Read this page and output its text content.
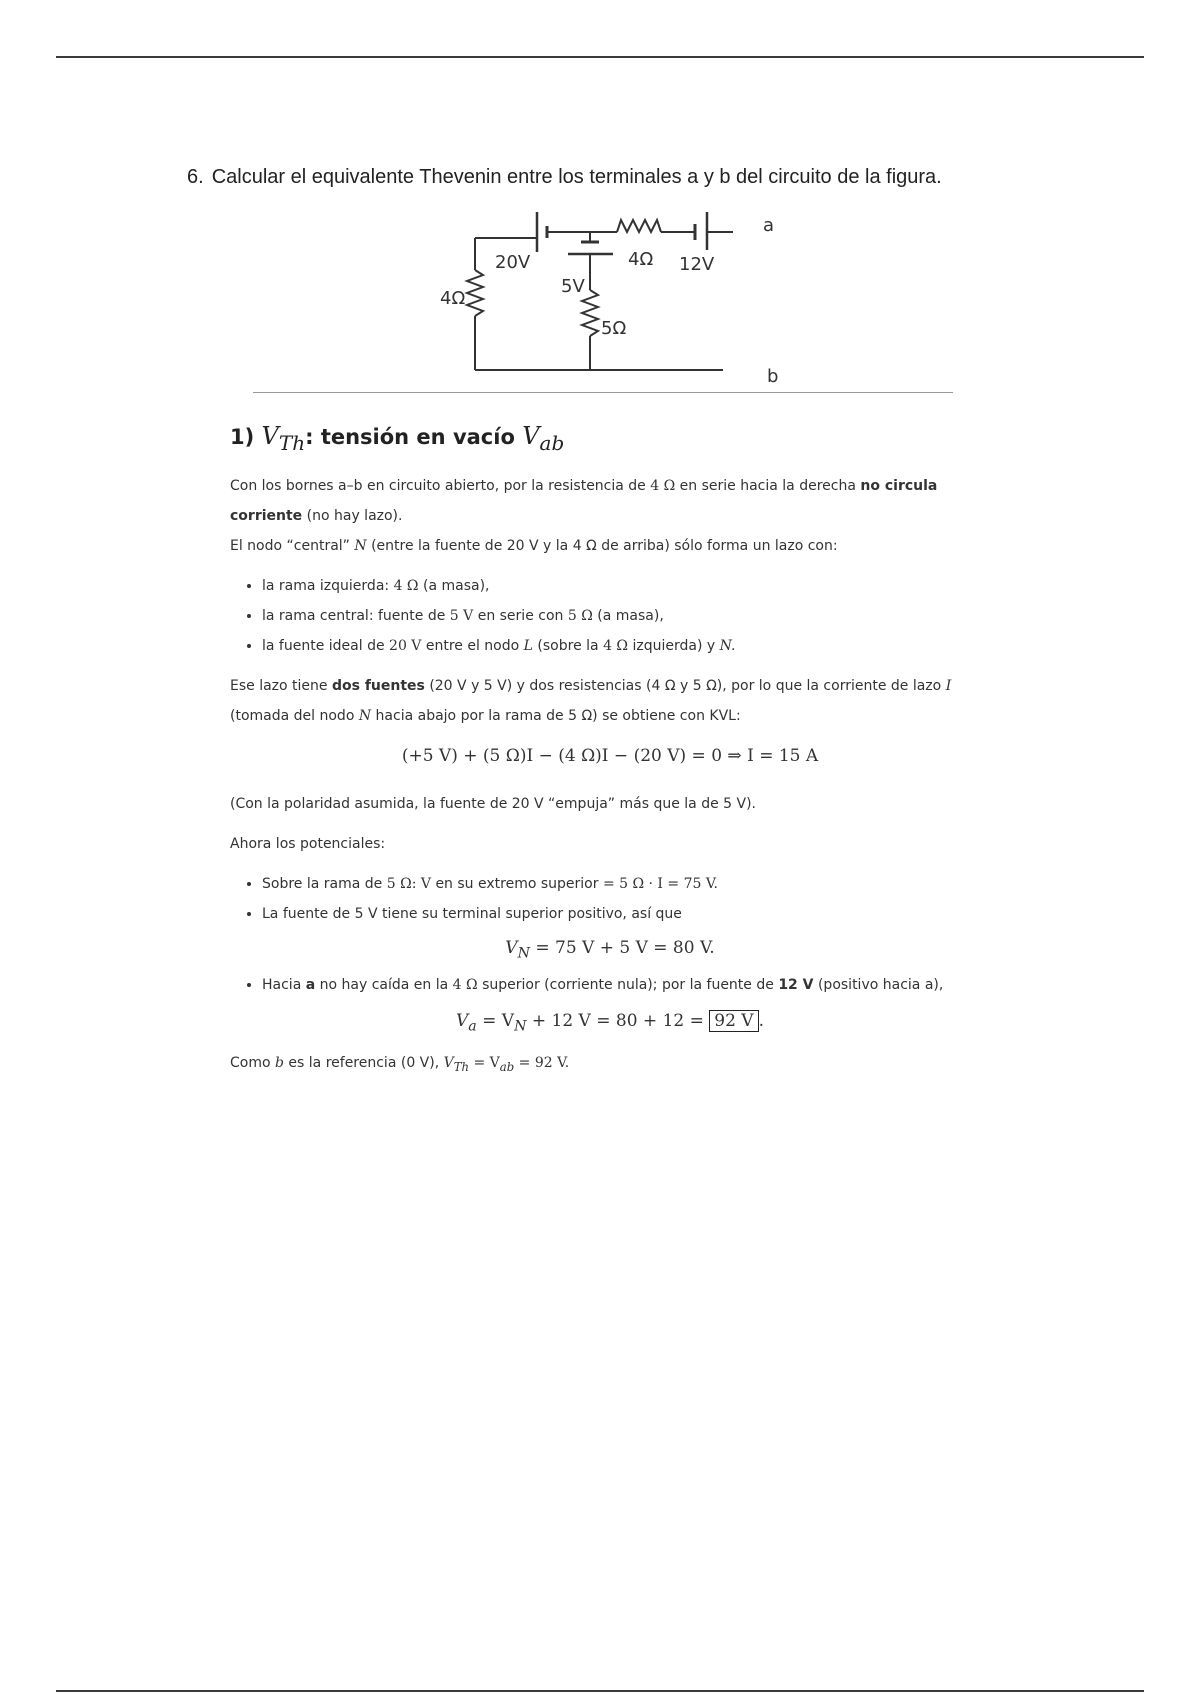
6. Calcular el equivalente Thevenin entre los terminales a y b del circuito de la figura.
20V
5V
4Ω 12V
4Ω
5Ω
a
b
1) $V_{Th}$: tensión en vacío $V_{ab}$

Con los bornes a–b en circuito abierto, por la resistencia de 4 Ω en serie hacia la derecha no circula corriente (no hay lazo).

El nodo “central” N (entre la fuente de 20 V y la 4 Ω de arriba) sólo forma un lazo con:

• la rama izquierda: 4 Ω (a masa),
• la rama central: fuente de 5 V en serie con 5 Ω (a masa),
• la fuente ideal de 20 V entre el nodo L (sobre la 4 Ω izquierda) y N.

Ese lazo tiene dos fuentes (20 V y 5 V) y dos resistencias (4 Ω y 5 Ω), por lo que la corriente de lazo I (tomada del nodo N hacia abajo por la rama de 5 Ω) se obtiene con KVL:

(+5 V) + (5 Ω)I − (4 Ω)I − (20 V) = 0 ⇒ I = 15 A

(Con la polaridad asumida, la fuente de 20 V “empuja” más que la de 5 V).

Ahora los potenciales:

• Sobre la rama de 5 Ω: V en su extremo superior = 5 Ω · I = 75 V.
• La fuente de 5 V tiene su terminal superior positivo, así que
$V_N = 75$ V + 5 V = 80 V.
• Hacia a no hay caída en la 4 Ω superior (corriente nula); por la fuente de 12 V (positivo hacia a),
$V_a = V_N + 12$ V = 80 + 12 = 92 V .

Como b es la referencia (0 V), $V_{Th} = V_{ab} = 92$ V.
